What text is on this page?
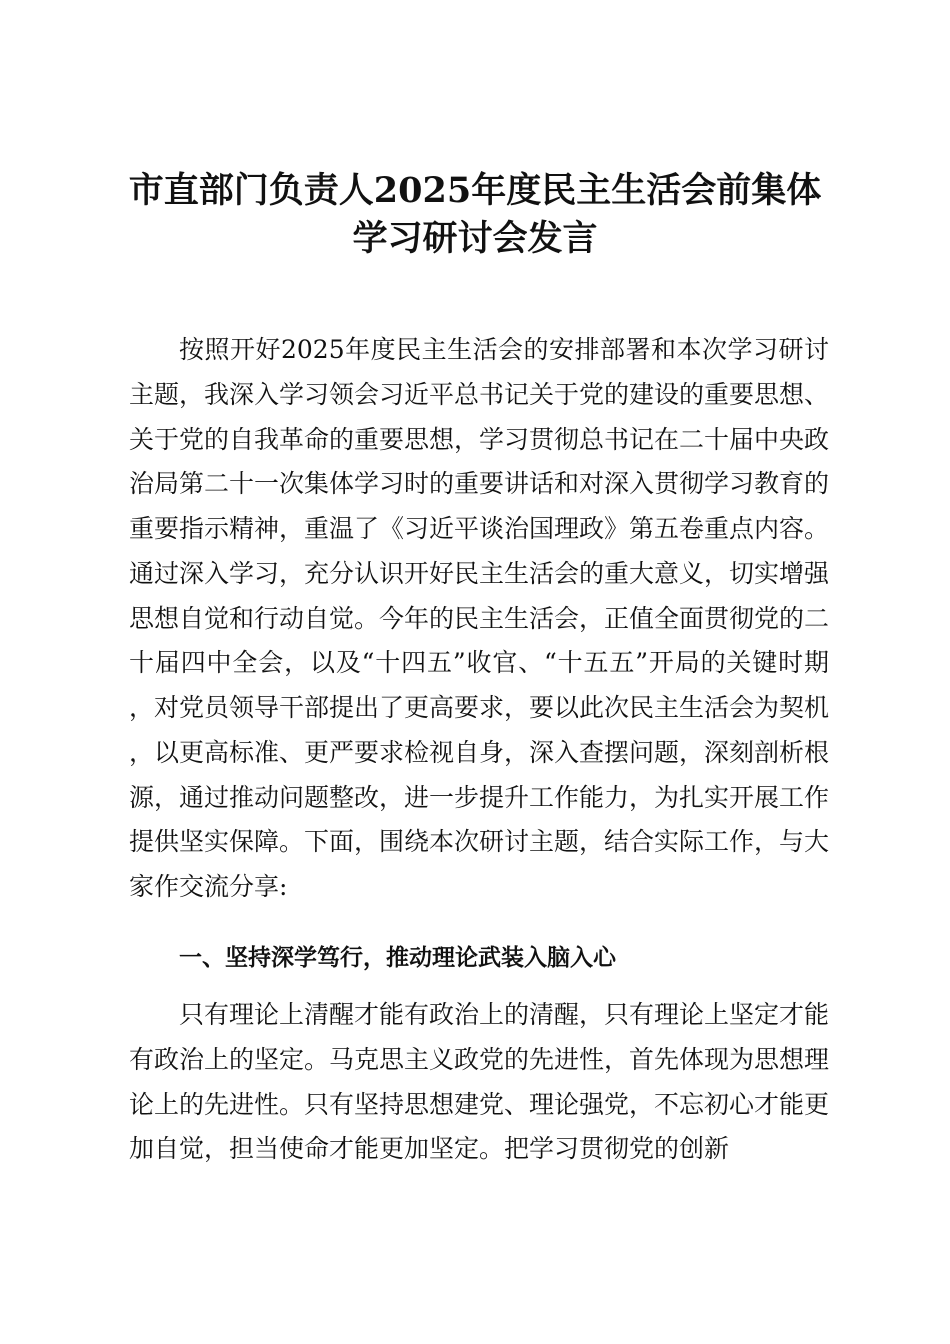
市直部门负责人2025年度民主生活会前集体
学习研讨会发言

按照开好2025年度民主生活会的安排部署和本次学习研讨主题，我深入学习领会习近平总书记关于党的建设的重要思想、关于党的自我革命的重要思想，学习贯彻总书记在二十届中央政治局第二十一次集体学习时的重要讲话和对深入贯彻学习教育的重要指示精神，重温了《习近平谈治国理政》第五卷重点内容。通过深入学习，充分认识开好民主生活会的重大意义，切实增强思想自觉和行动自觉。今年的民主生活会，正值全面贯彻党的二十届四中全会，以及“十四五”收官、“十五五”开局的关键时期，对党员领导干部提出了更高要求，要以此次民主生活会为契机，以更高标准、更严要求检视自身，深入查摆问题，深刻剖析根源，通过推动问题整改，进一步提升工作能力，为扎实开展工作提供坚实保障。下面，围绕本次研讨主题，结合实际工作，与大家作交流分享:

一、坚持深学笃行，推动理论武装入脑入心

只有理论上清醒才能有政治上的清醒，只有理论上坚定才能有政治上的坚定。马克思主义政党的先进性，首先体现为思想理论上的先进性。只有坚持思想建党、理论强党，不忘初心才能更加自觉，担当使命才能更加坚定。把学习贯彻党的创新
